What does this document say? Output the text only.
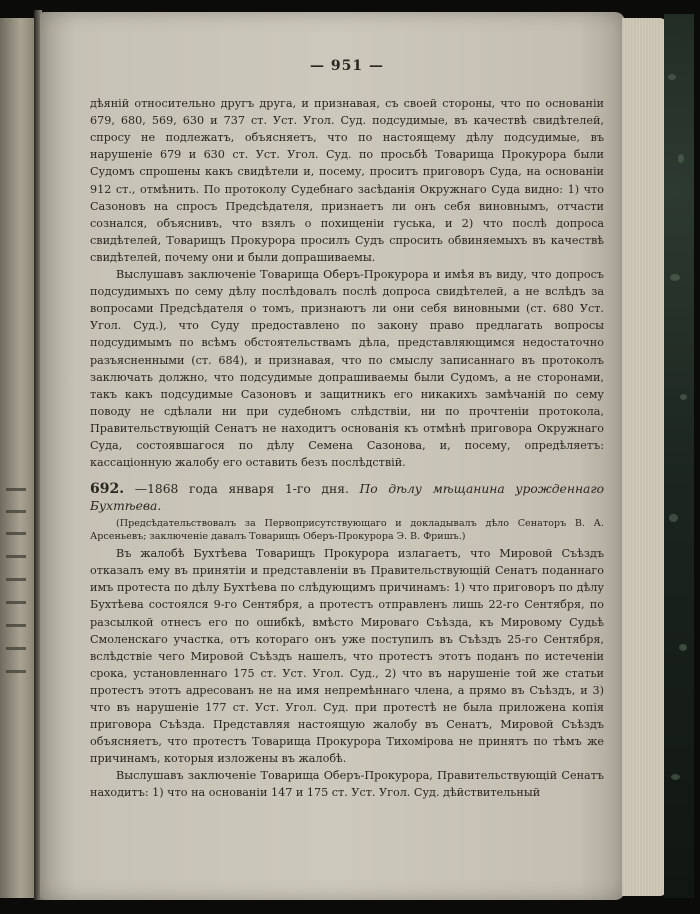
— 951 —

дѣяній относительно другъ друга, и признавая, съ своей стороны, что по основаніи 679, 680, 569, 630 и 737 ст. Уст. Угол. Суд. подсудимые, въ качествѣ свидѣтелей, спросу не подлежатъ, объясняетъ, что по настоящему дѣлу подсудимые, въ нарушеніе 679 и 630 ст. Уст. Угол. Суд. по просьбѣ Товарища Прокурора были Судомъ спрошены какъ свидѣтели и, посему, проситъ приговоръ Суда, на основаніи 912 ст., отмѣнить. По протоколу Судебнаго засѣданія Окружнаго Суда видно: 1) что Сазоновъ на спросъ Предсѣдателя, признаетъ ли онъ себя виновнымъ, отчасти сознался, объяснивъ, что взялъ о похищеніи гуська, и 2) что послѣ допроса свидѣтелей, Товарищъ Прокурора просилъ Судъ спросить обвиняемыхъ въ качествѣ свидѣтелей, почему они и были допрашиваемы.

Выслушавъ заключеніе Товарища Оберъ-Прокурора и имѣя въ виду, что допросъ подсудимыхъ по сему дѣлу послѣдовалъ послѣ допроса свидѣтелей, а не вслѣдъ за вопросами Предсѣдателя о томъ, признаютъ ли они себя виновными (ст. 680 Уст. Угол. Суд.), что Суду предоставлено по закону право предлагать вопросы подсудимымъ по всѣмъ обстоятельствамъ дѣла, представляющимся недостаточно разъясненными (ст. 684), и признавая, что по смыслу записаннаго въ протоколъ заключать должно, что подсудимые допрашиваемы были Судомъ, а не сторонами, такъ какъ подсудимые Сазоновъ и защитникъ его никакихъ замѣчаній по сему поводу не сдѣлали ни при судебномъ слѣдствіи, ни по прочтеніи протокола, Правительствующій Сенатъ не находитъ основанія къ отмѣнѣ приговора Окружнаго Суда, состоявшагося по дѣлу Семена Сазонова, и, посему, опредѣляетъ: кассаціонную жалобу его оставить безъ послѣдствій.

692. —1868 года января 1-го дня. По дѣлу мѣщанина урожденнаго Бухтѣева.

(Предсѣдательствовалъ за Первоприсутствующаго и докладывалъ дѣло Сенаторъ В. А. Арсеньевъ; заключеніе давалъ Товарищъ Оберъ-Прокурора Э. В. Фришъ.)

Въ жалобѣ Бухтѣева Товарищъ Прокурора излагаетъ, что Мировой Съѣздъ отказалъ ему въ принятіи и представленіи въ Правительствующій Сенатъ поданнаго имъ протеста по дѣлу Бухтѣева по слѣдующимъ причинамъ: 1) что приговоръ по дѣлу Бухтѣева состоялся 9-го Сентября, а протестъ отправленъ лишь 22-го Сентября, по разсылкой отнесъ его по ошибкѣ, вмѣсто Мироваго Съѣзда, къ Мировому Судьѣ Смоленскаго участка, отъ котораго онъ уже поступилъ въ Съѣздъ 25-го Сентября, вслѣдствіе чего Мировой Съѣздъ нашелъ, что протестъ этотъ поданъ по истеченіи срока, установленнаго 175 ст. Уст. Угол. Суд., 2) что въ нарушеніе той же статьи протестъ этотъ адресованъ не на имя непремѣннаго члена, а прямо въ Съѣздъ, и 3) что въ нарушеніе 177 ст. Уст. Угол. Суд. при протестѣ не была приложена копія приговора Съѣзда. Представляя настоящую жалобу въ Сенатъ, Мировой Съѣздъ объясняетъ, что протестъ Товарища Прокурора Тихомірова не принятъ по тѣмъ же причинамъ, которыя изложены въ жалобѣ.

Выслушавъ заключеніе Товарища Оберъ-Прокурора, Правительствующій Сенатъ находитъ: 1) что на основаніи 147 и 175 ст. Уст. Угол. Суд. дѣйствительный
